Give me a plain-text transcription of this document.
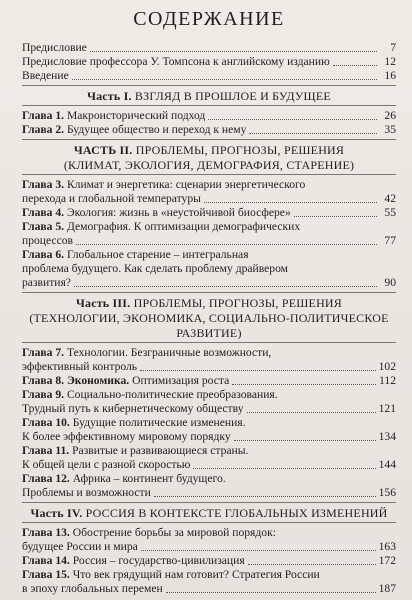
СОДЕРЖАНИЕ
Предисловие	7
Предисловие профессора У. Томпсона к английскому изданию	12
Введение	16
Часть I. ВЗГЛЯД В ПРОШЛОЕ И БУДУЩЕЕ
Глава 1. Макроисторический подход	26
Глава 2. Будущее общество и переход к нему	35
ЧАСТЬ II. ПРОБЛЕМЫ, ПРОГНОЗЫ, РЕШЕНИЯ
(КЛИМАТ, ЭКОЛОГИЯ, ДЕМОГРАФИЯ, СТАРЕНИЕ)
Глава 3. Климат и энергетика: сценарии энергетического
перехода и глобальной температуры	42
Глава 4. Экология: жизнь в «неустойчивой биосфере»	55
Глава 5. Демография. К оптимизации демографических
процессов	77
Глава 6. Глобальное старение – интегральная
проблема будущего. Как сделать проблему драйвером
развития?	90
Часть III. ПРОБЛЕМЫ, ПРОГНОЗЫ, РЕШЕНИЯ
(ТЕХНОЛОГИИ, ЭКОНОМИКА, СОЦИАЛЬНО-ПОЛИТИЧЕСКОЕ
РАЗВИТИЕ)
Глава 7. Технологии. Безграничные возможности,
эффективный контроль	102
Глава 8. Экономика. Оптимизация роста	112
Глава 9. Социально-политические преобразования.
Трудный путь к кибернетическому обществу	121
Глава 10. Будущие политические изменения.
К более эффективному мировому порядку	134
Глава 11. Развитые и развивающиеся страны.
К общей цели с разной скоростью	144
Глава 12. Африка – континент будущего.
Проблемы и возможности	156
Часть IV. РОССИЯ В КОНТЕКСТЕ ГЛОБАЛЬНЫХ ИЗМЕНЕНИЙ
Глава 13. Обострение борьбы за мировой порядок:
будущее России и мира	163
Глава 14. Россия – государство-цивилизация	172
Глава 15. Что век грядущий нам готовит? Стратегия России
в эпоху глобальных перемен	187
